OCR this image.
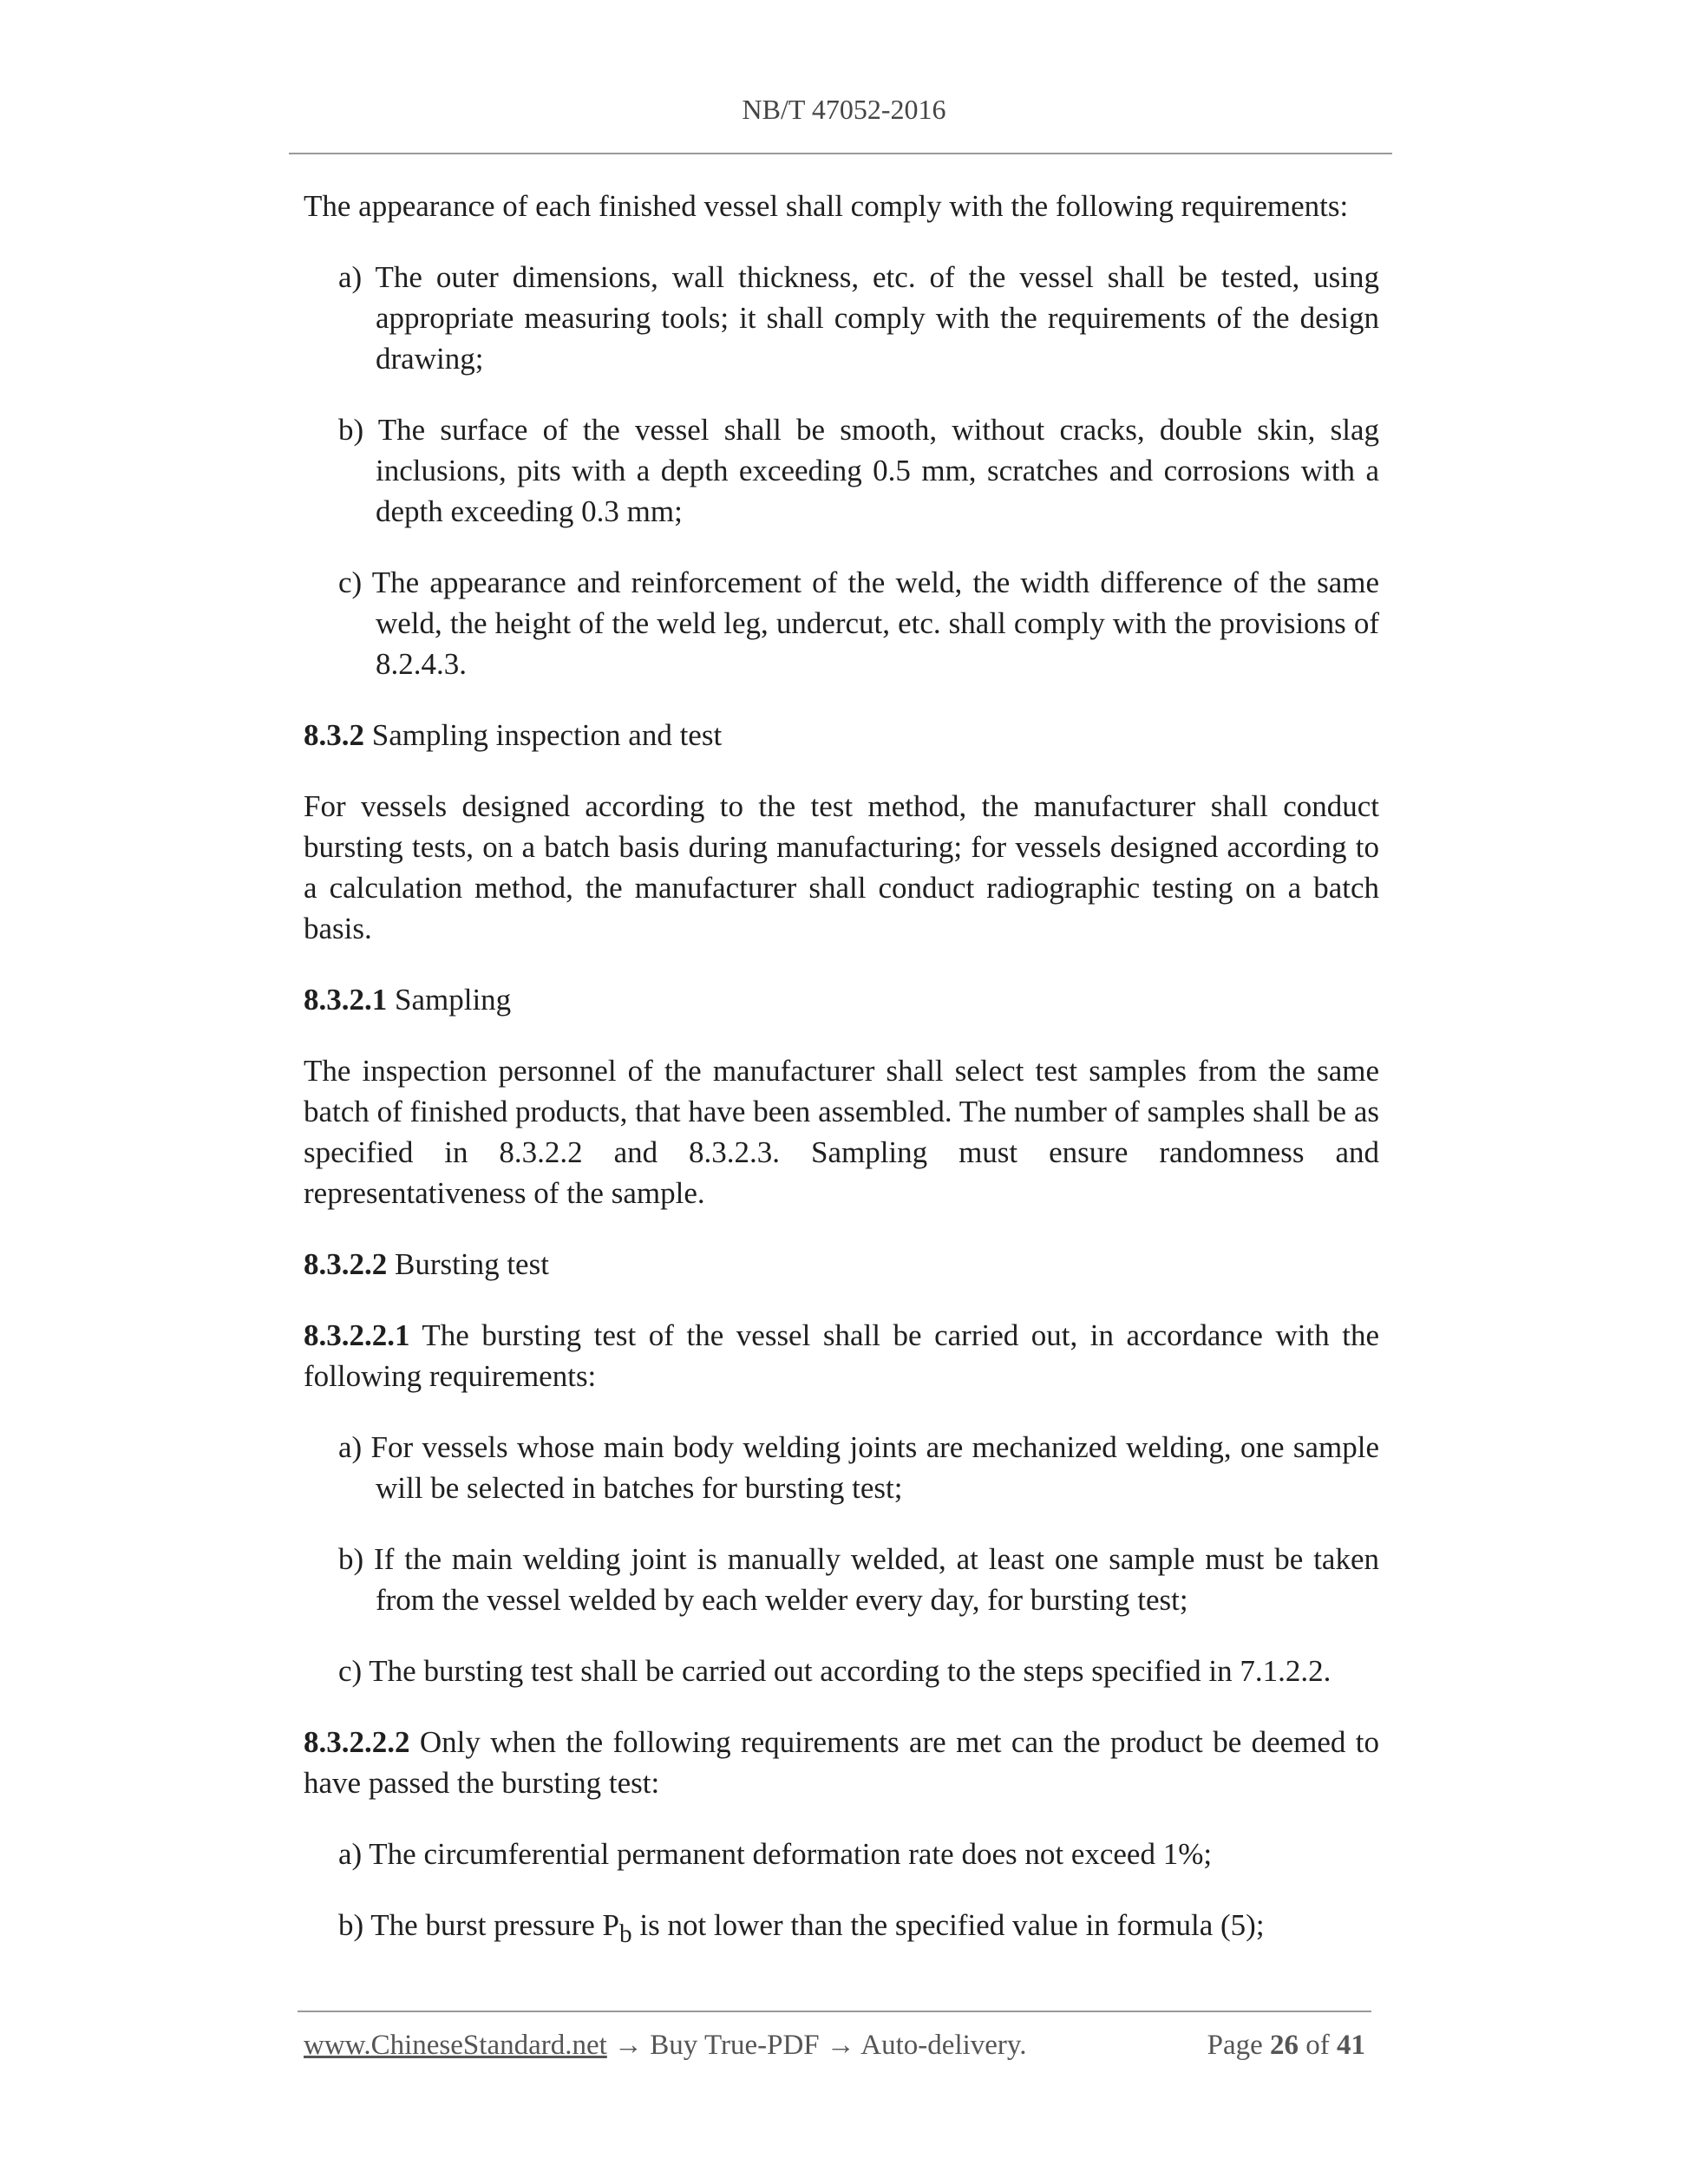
NB/T 47052-2016

The appearance of each finished vessel shall comply with the following requirements:

a) The outer dimensions, wall thickness, etc. of the vessel shall be tested, using appropriate measuring tools; it shall comply with the requirements of the design drawing;
b) The surface of the vessel shall be smooth, without cracks, double skin, slag inclusions, pits with a depth exceeding 0.5 mm, scratches and corrosions with a depth exceeding 0.3 mm;
c) The appearance and reinforcement of the weld, the width difference of the same weld, the height of the weld leg, undercut, etc. shall comply with the provisions of 8.2.4.3.

8.3.2 Sampling inspection and test

For vessels designed according to the test method, the manufacturer shall conduct bursting tests, on a batch basis during manufacturing; for vessels designed according to a calculation method, the manufacturer shall conduct radiographic testing on a batch basis.

8.3.2.1 Sampling

The inspection personnel of the manufacturer shall select test samples from the same batch of finished products, that have been assembled. The number of samples shall be as specified in 8.3.2.2 and 8.3.2.3. Sampling must ensure randomness and representativeness of the sample.

8.3.2.2 Bursting test

8.3.2.2.1 The bursting test of the vessel shall be carried out, in accordance with the following requirements:

a) For vessels whose main body welding joints are mechanized welding, one sample will be selected in batches for bursting test;
b) If the main welding joint is manually welded, at least one sample must be taken from the vessel welded by each welder every day, for bursting test;
c) The bursting test shall be carried out according to the steps specified in 7.1.2.2.

8.3.2.2.2 Only when the following requirements are met can the product be deemed to have passed the bursting test:

a) The circumferential permanent deformation rate does not exceed 1%;
b) The burst pressure $P_b$ is not lower than the specified value in formula (5);
www.ChineseStandard.net → Buy True-PDF → Auto-delivery.	Page 26 of 41
